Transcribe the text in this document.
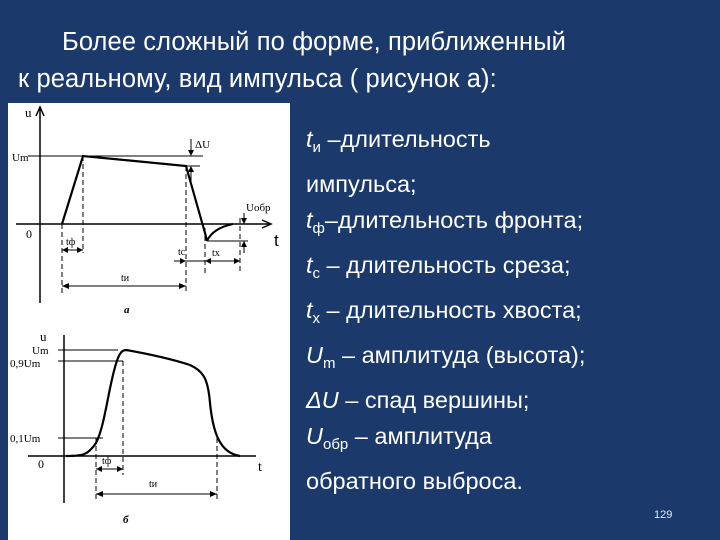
Более сложный по форме, приближенный
к реальному, вид импульса ( рисунок а):
u
Um
ΔU
Uобр
0	t
tф
tс	tх
tи
а
u
Um
0,9Um
0,1Um
0	t
tф
tи
б
$t_и$ –длительность
импульса;
$t_ф$–длительность фронта;
$t_с$ – длительность среза;
$t_х$ – длительность хвоста;
$U_m$ – амплитуда (высота);
ΔU – спад вершины;
$U_{обр}$ – амплитуда
обратного выброса.
129
